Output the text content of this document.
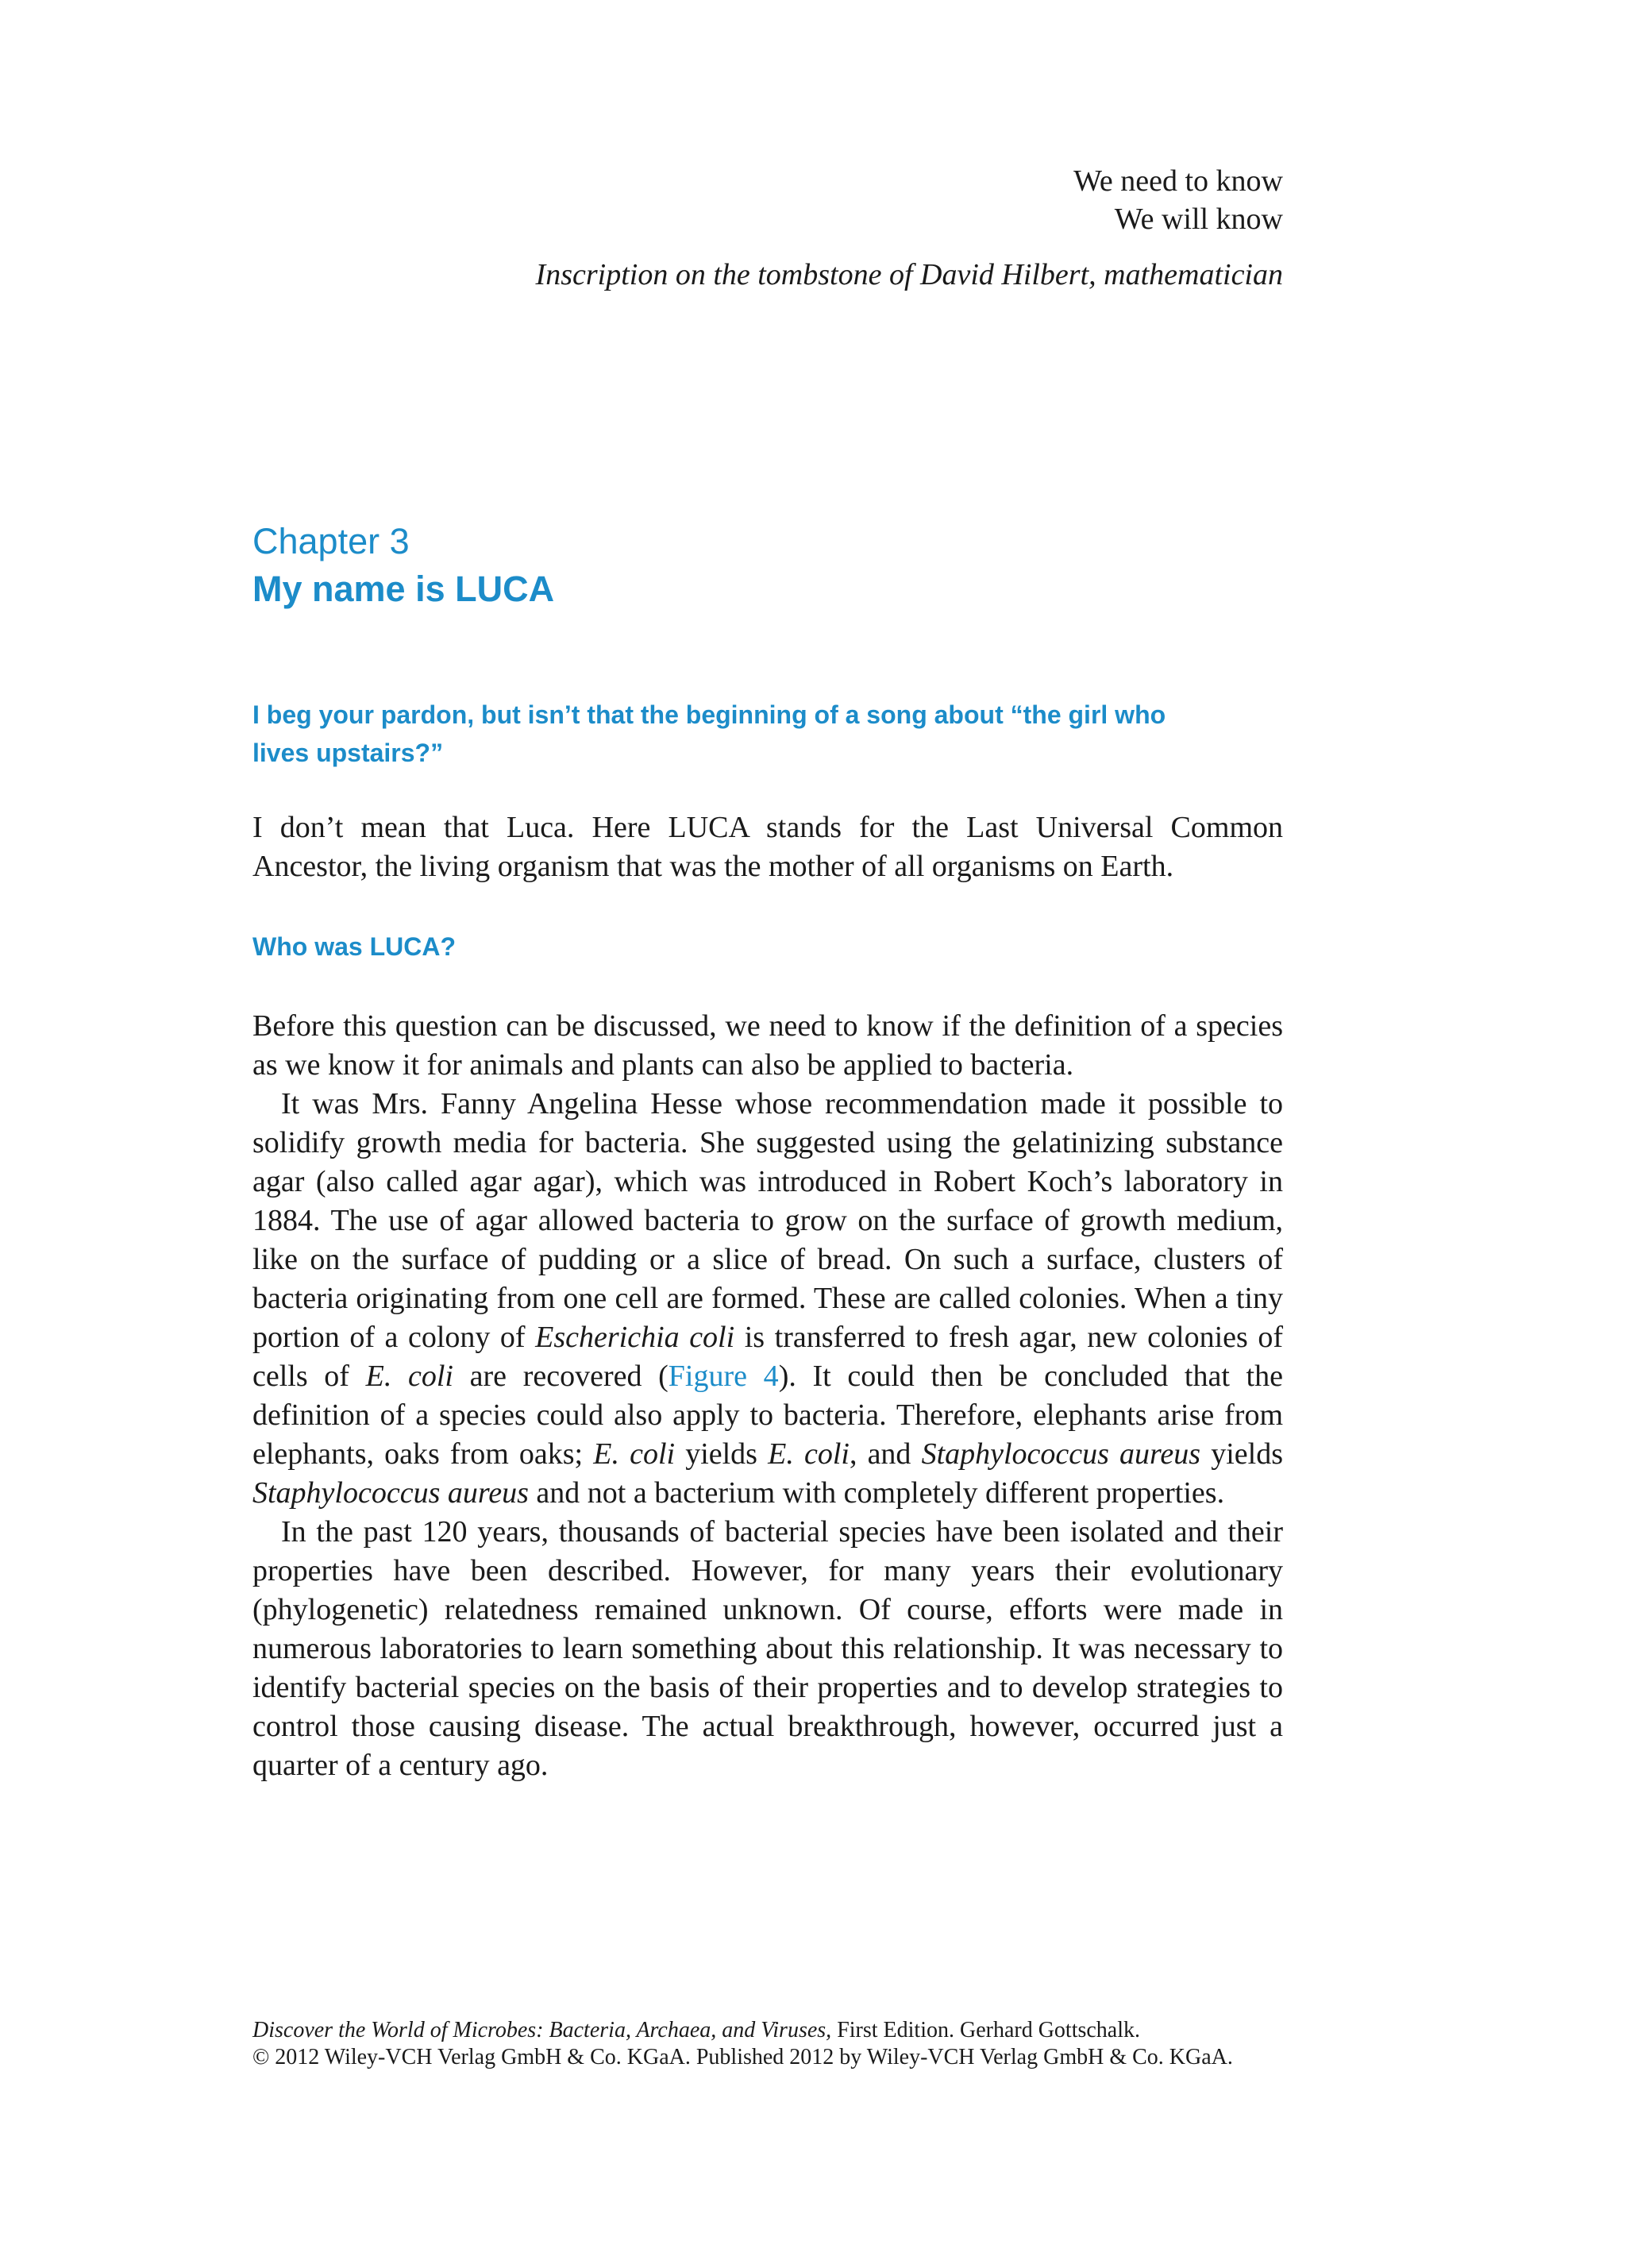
We need to know
We will know
Inscription on the tombstone of David Hilbert, mathematician
Chapter 3
My name is LUCA
I beg your pardon, but isn’t that the beginning of a song about “the girl who lives upstairs?”

I don’t mean that Luca. Here LUCA stands for the Last Universal Common Ancestor, the living organism that was the mother of all organisms on Earth.

Who was LUCA?

Before this question can be discussed, we need to know if the definition of a species as we know it for animals and plants can also be applied to bacteria.

It was Mrs. Fanny Angelina Hesse whose recommendation made it possible to solidify growth media for bacteria. She suggested using the gelatinizing substance agar (also called agar agar), which was introduced in Robert Koch’s laboratory in 1884. The use of agar allowed bacteria to grow on the surface of growth medium, like on the surface of pudding or a slice of bread. On such a surface, clusters of bacteria originating from one cell are formed. These are called colonies. When a tiny portion of a colony of Escherichia coli is transferred to fresh agar, new colonies of cells of E. coli are recovered (Figure 4). It could then be concluded that the definition of a species could also apply to bacteria. Therefore, elephants arise from elephants, oaks from oaks; E. coli yields E. coli, and Staphylococcus aureus yields Staphylococcus aureus and not a bacterium with completely different properties.

In the past 120 years, thousands of bacterial species have been isolated and their properties have been described. However, for many years their evolutionary (phylogenetic) relatedness remained unknown. Of course, efforts were made in numerous laboratories to learn something about this relationship. It was necessary to identify bacterial species on the basis of their properties and to develop strategies to control those causing disease. The actual breakthrough, however, occurred just a quarter of a century ago.

Discover the World of Microbes: Bacteria, Archaea, and Viruses, First Edition. Gerhard Gottschalk.
© 2012 Wiley-VCH Verlag GmbH & Co. KGaA. Published 2012 by Wiley-VCH Verlag GmbH & Co. KGaA.
